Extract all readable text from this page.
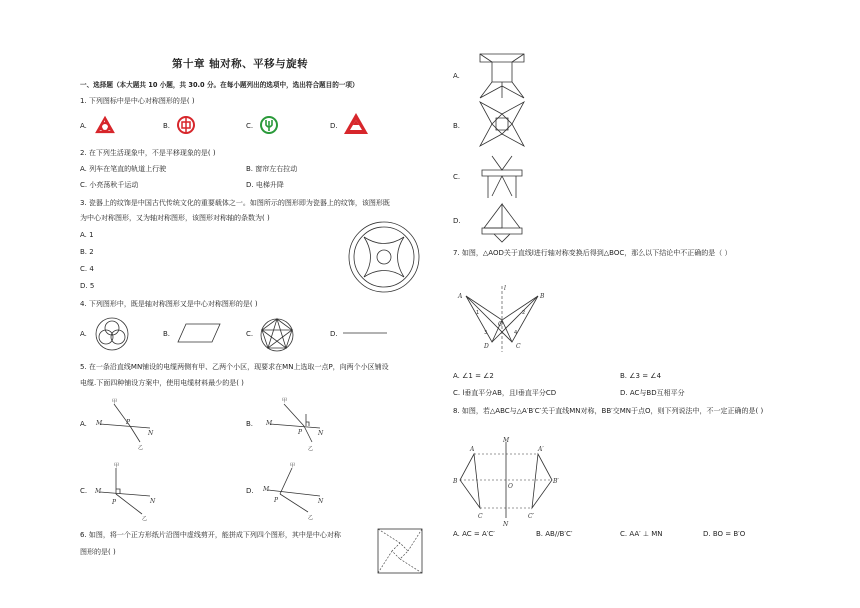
第十章 轴对称、平移与旋转
一、选择题（本大题共 10 小题，共 30.0 分。在每小题列出的选项中，选出符合题目的一项）
1. 下列图标中是中心对称图形的是( )
A.	B.	C.	D.
2. 在下列生活现象中，不是平移现象的是( )
A. 列车在笔直的轨道上行驶	B. 窗帘左右拉动
C. 小亮荡秋千运动	D. 电梯升降
3. 瓷器上的纹饰是中国古代传统文化的重要载体之一。如图所示的图形即为瓷器上的纹饰，该图形既
为中心对称图形，又为轴对称图形，该图形对称轴的条数为( )
A. 1
B. 2
C. 4
D. 5
4. 下列图形中，既是轴对称图形又是中心对称图形的是( )
A.	B.	C.	D.
5. 在一条沿直线MN铺设的电缆两侧有甲、乙两个小区，现要求在MN上选取一点P，向两个小区铺设
电缆.下面四种铺设方案中，使用电缆材料最少的是( )
A.
甲
M
N
P
乙
B.
甲
M
N
P
乙
C.
甲
M
N
P
乙
D.
甲
M
N
P
乙
6. 如图，将一个正方形纸片沿图中虚线剪开，能拼成下列四个图形，其中是中心对称
图形的是( )
A.
B.
C.
D.
7. 如图，△AOD关于直线l进行轴对称变换后得到△BOC，那么以下结论中不正确的是（ ）
A	B
C
D
O
l
1	2
3	4
A. ∠1 = ∠2	B. ∠3 = ∠4
C. l垂直平分AB，且l垂直平分CD	D. AC与BD互相平分
8. 如图，若△ABC与△A′B′C′关于直线MN对称，BB′交MN于点O，则下列说法中，不一定正确的是( )
A	A′
B	B′
C	C′
M
N
O
A. AC = A′C′	B. AB//B′C′	C. AA′ ⊥ MN	D. BO = B′O
